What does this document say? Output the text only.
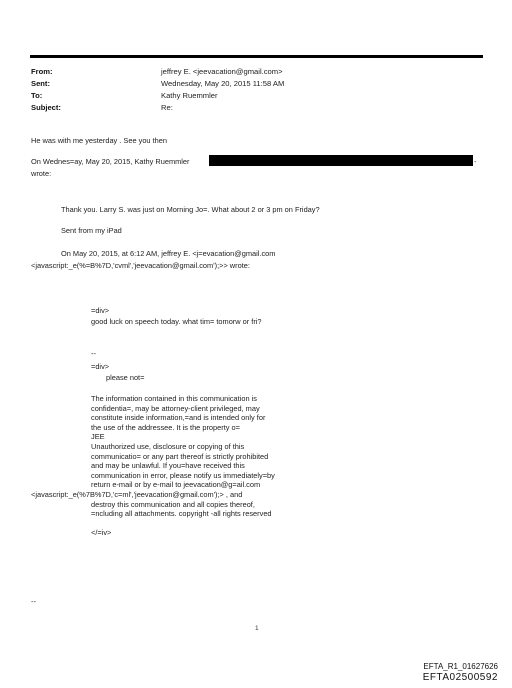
From:	jeffrey E. <jeevacation@gmail.com>
Sent:	Wednesday, May 20, 2015 11:58 AM
To:	Kathy Ruemmler
Subject:	Re:
He was with me yesterday . See you then
On Wednes=ay, May 20, 2015, Kathy Ruemmler	-
wrote:
Thank you. Larry S. was just on Morning Jo=. What about 2 or 3 pm on Friday?
Sent from my iPad
On May 20, 2015, at 6:12 AM, jeffrey E. <j=evacation@gmail.com
<javascript:_e(%=B%7D,'cvml','jeevacation@gmail.com');>> wrote:
=div>
good luck on speech today. what tim= tomorw or fri?
--
=div>
please not=
The information contained in this communication is
confidentia=, may be attorney-client privileged, may
constitute inside information,=and is intended only for
the use of the addressee. It is the property o=
JEE
Unauthorized use, disclosure or copying of this
communicatio= or any part thereof is strictly prohibited
and may be unlawful. If you=have received this
communication in error, please notify us immediately=by
return e-mail or by e-mail to jeevacation@g=ail.com
<javascript:_e(%7B%7D,'c=ml','jeevacation@gmail.com');> , and
destroy this communication and all copies thereof,
=ncluding all attachments. copyright -all rights reserved
</=iv>
--
1
EFTA_R1_01627626
EFTA02500592
